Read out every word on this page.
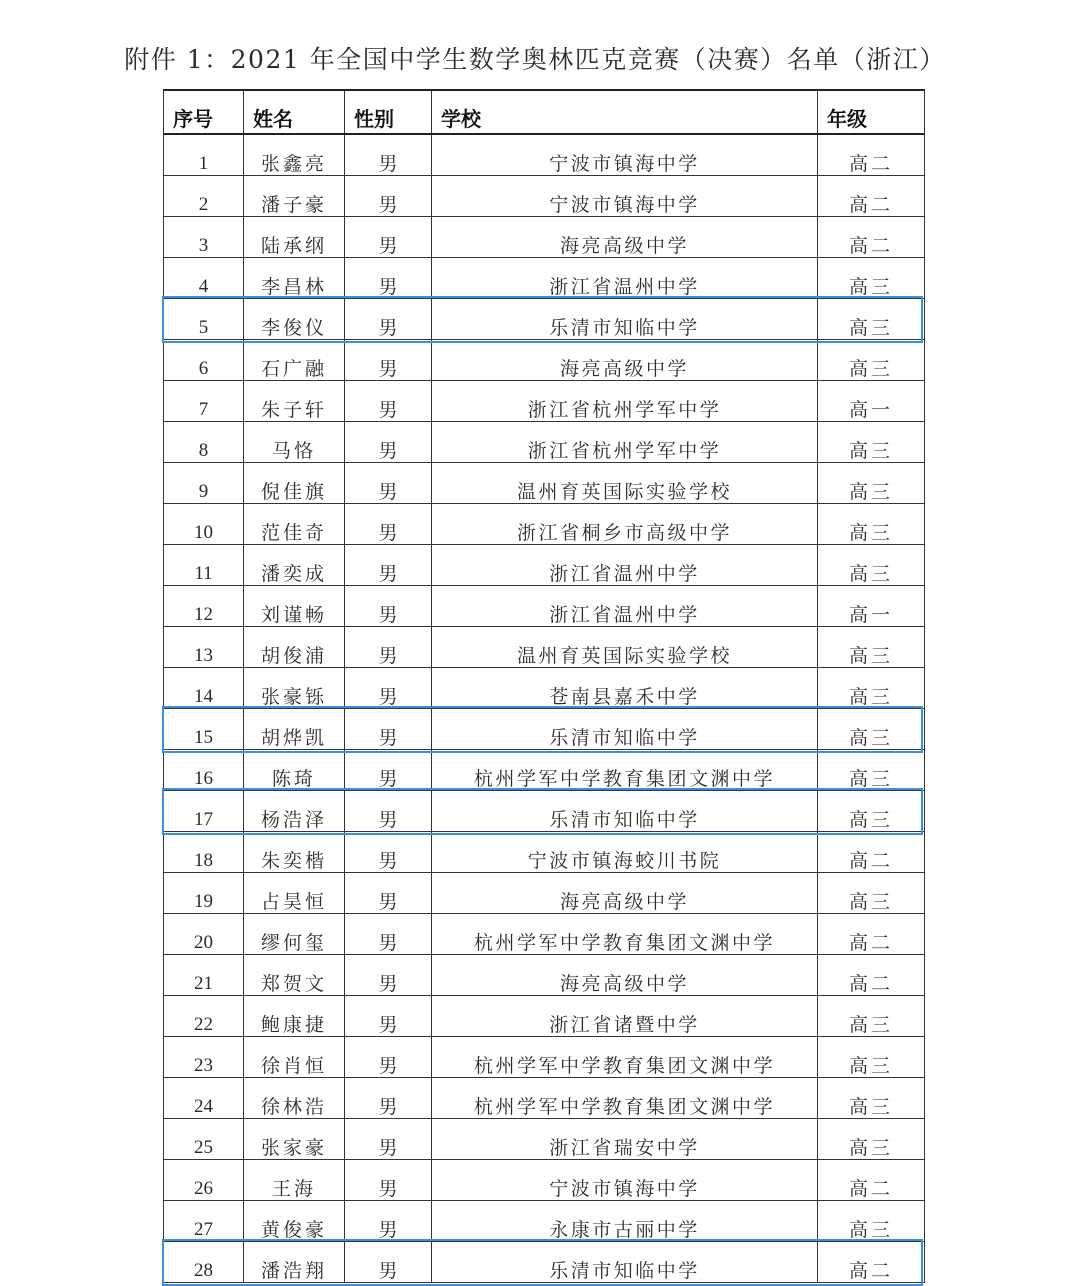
附件 1：2021 年全国中学生数学奥林匹克竞赛（决赛）名单（浙江）
序号	姓名	性别	学校	年级
1	张鑫亮	男	宁波市镇海中学	高二
2	潘子豪	男	宁波市镇海中学	高二
3	陆承纲	男	海亮高级中学	高二
4	李昌林	男	浙江省温州中学	高三
5	李俊仪	男	乐清市知临中学	高三
6	石广融	男	海亮高级中学	高三
7	朱子轩	男	浙江省杭州学军中学	高一
8	马恪	男	浙江省杭州学军中学	高三
9	倪佳旗	男	温州育英国际实验学校	高三
10	范佳奇	男	浙江省桐乡市高级中学	高三
11	潘奕成	男	浙江省温州中学	高三
12	刘谨畅	男	浙江省温州中学	高一
13	胡俊浦	男	温州育英国际实验学校	高三
14	张豪铄	男	苍南县嘉禾中学	高三
15	胡烨凯	男	乐清市知临中学	高三
16	陈琦	男	杭州学军中学教育集团文渊中学	高三
17	杨浩泽	男	乐清市知临中学	高三
18	朱奕楷	男	宁波市镇海蛟川书院	高二
19	占昊恒	男	海亮高级中学	高三
20	缪何玺	男	杭州学军中学教育集团文渊中学	高二
21	郑贺文	男	海亮高级中学	高二
22	鲍康捷	男	浙江省诸暨中学	高三
23	徐肖恒	男	杭州学军中学教育集团文渊中学	高三
24	徐林浩	男	杭州学军中学教育集团文渊中学	高三
25	张家豪	男	浙江省瑞安中学	高三
26	王海	男	宁波市镇海中学	高二
27	黄俊豪	男	永康市古丽中学	高三
28	潘浩翔	男	乐清市知临中学	高二
